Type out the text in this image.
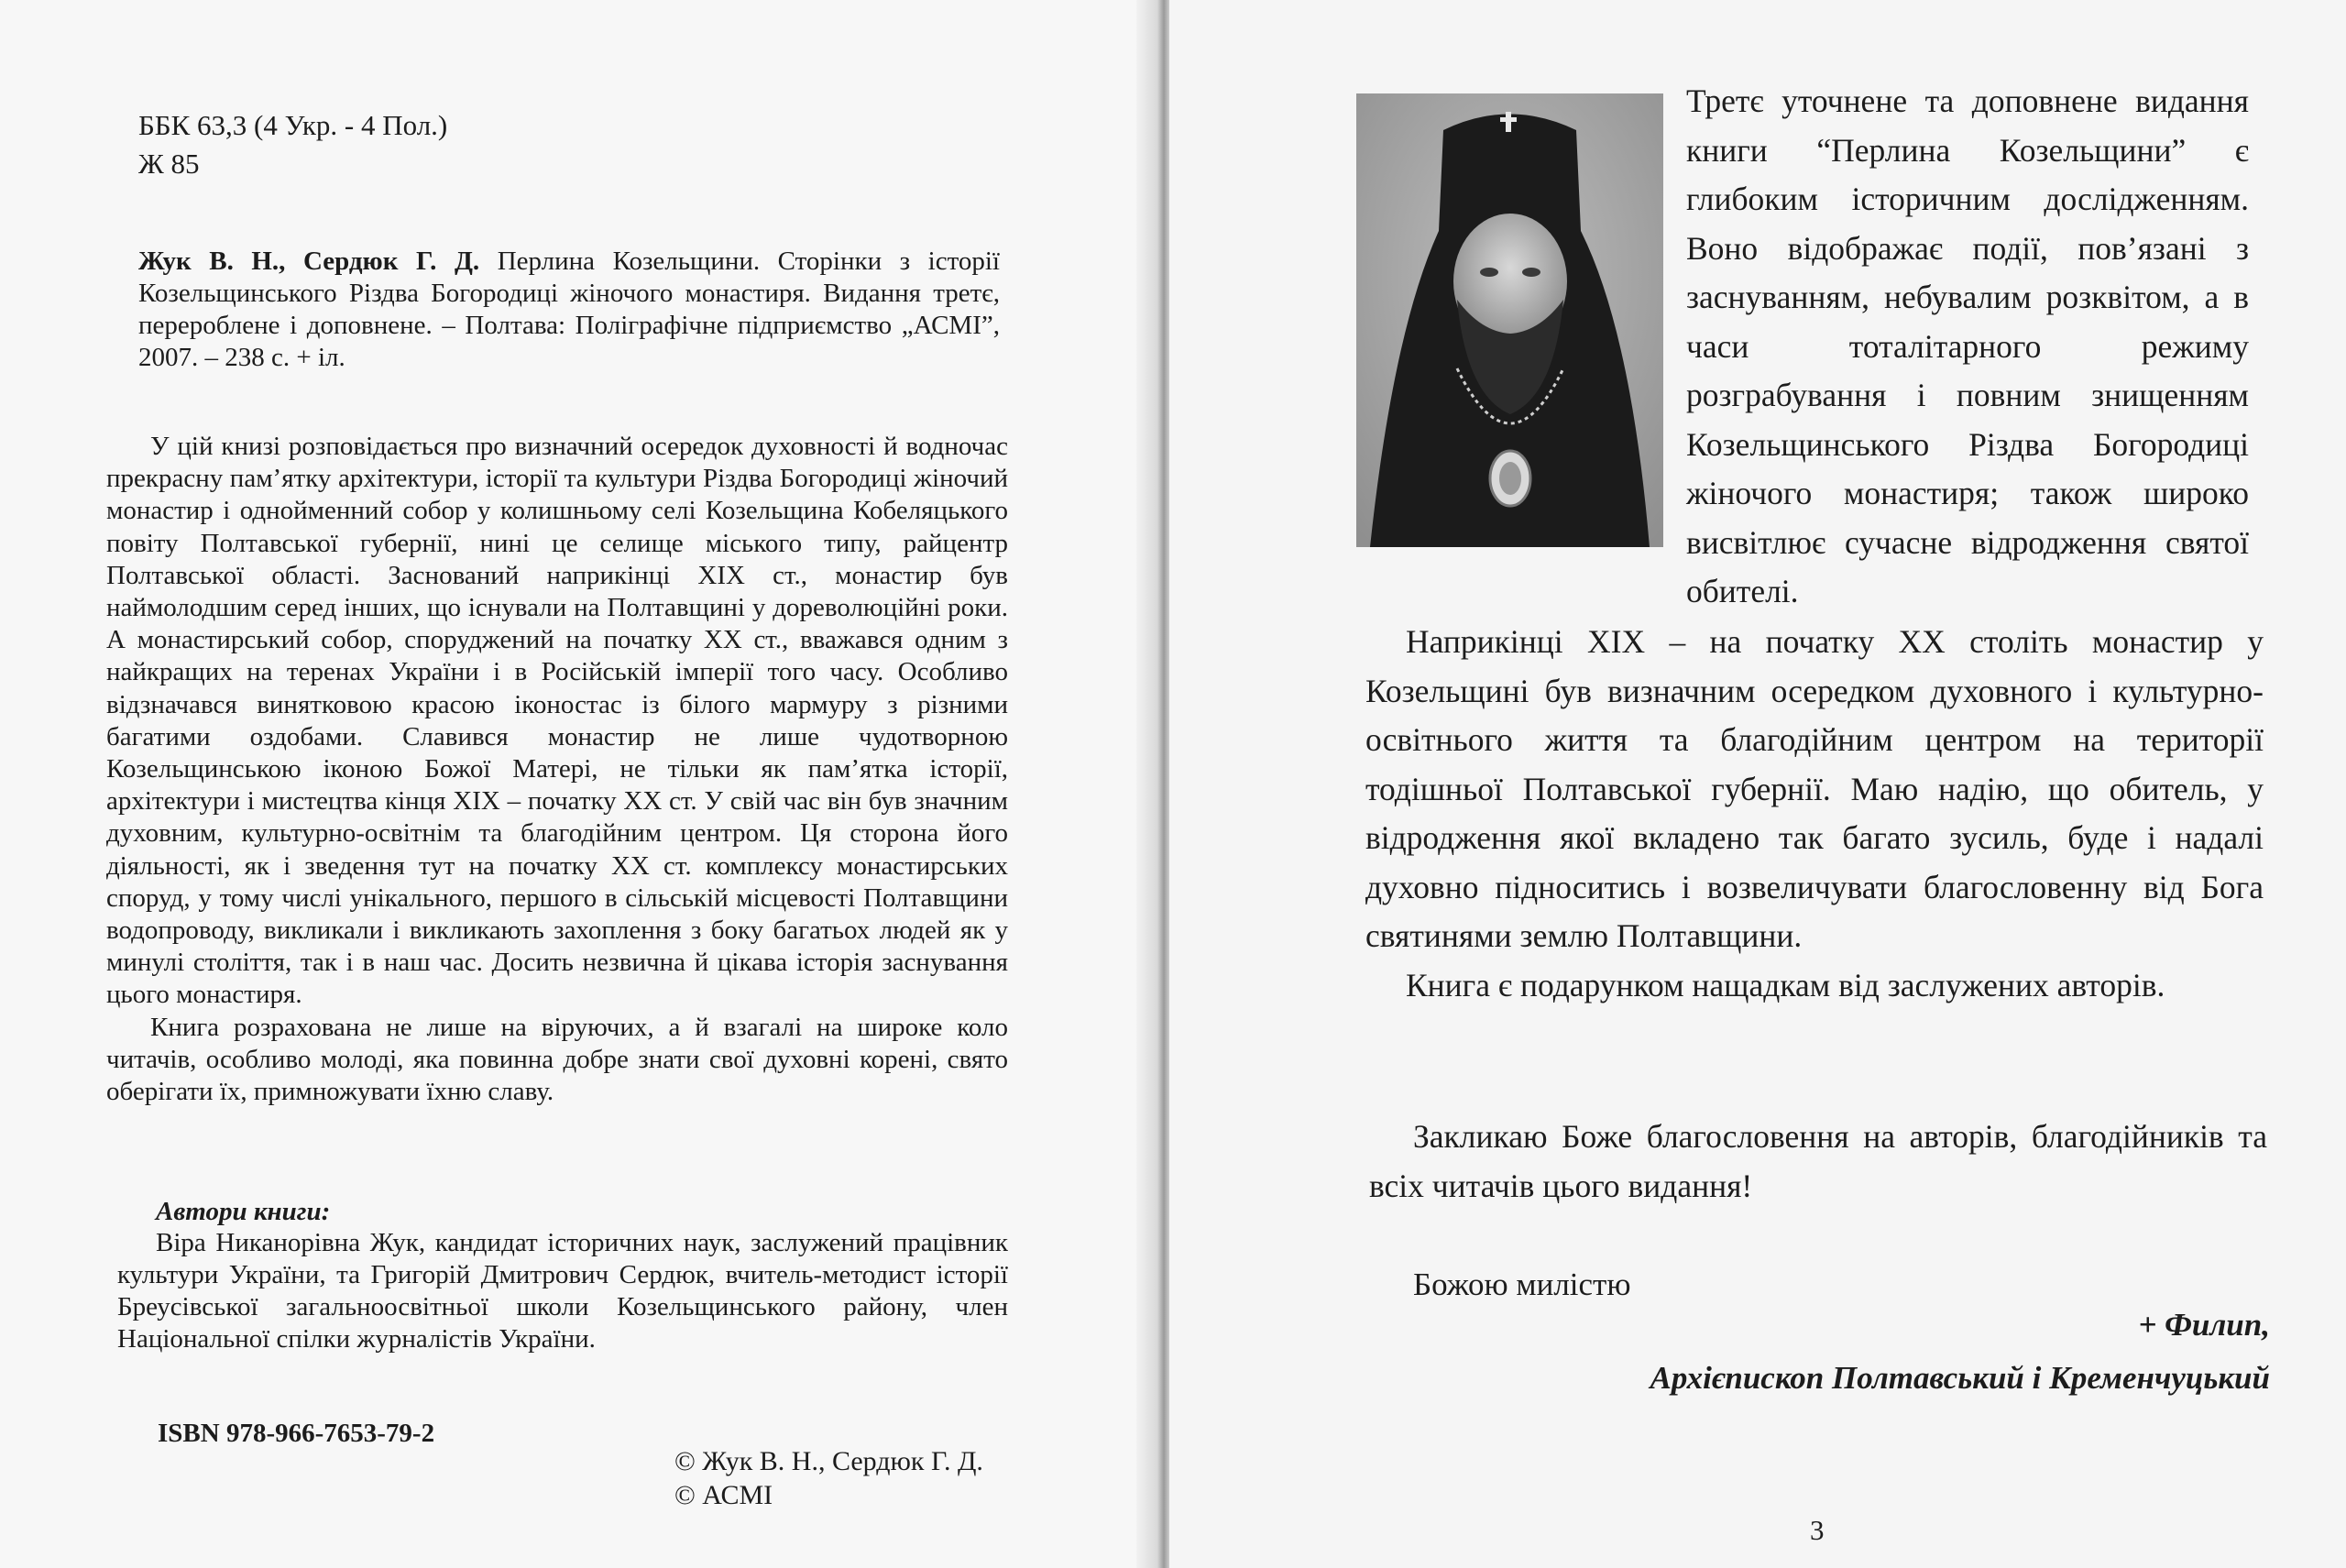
ББК 63,3 (4 Укр. - 4 Пол.)
Ж 85
Жук В. Н., Сердюк Г. Д. Перлина Козельщини. Сторінки з історії Козельщинського Різдва Богородиці жіночого монастиря. Видання третє, перероблене і доповнене. – Полтава: Поліграфічне підприємство „АСМІ”, 2007. – 238 с. + іл.

У цій книзі розповідається про визначний осередок духовності й водночас прекрасну пам’ятку архітектури, історії та культури Різдва Богородиці жіночий монастир і однойменний собор у колишньому селі Козельщина Кобеляцького повіту Полтавської губернії, нині це селище міського типу, райцентр Полтавської області. Заснований наприкінці XIX ст., монастир був наймолодшим серед інших, що існували на Полтавщині у дореволюційні роки. А монастирський собор, споруджений на початку XX ст., вважався одним з найкращих на теренах України і в Російській імперії того часу. Особливо відзначався винятковою красою іконостас із білого мармуру з різними багатими оздобами. Славився монастир не лише чудотворною Козельщинською іконою Божої Матері, не тільки як пам’ятка історії, архітектури і мистецтва кінця XIX – початку XX ст. У свій час він був значним духовним, культурно-освітнім та благодійним центром. Ця сторона його діяльності, як і зведення тут на початку XX ст. комплексу монастирських споруд, у тому числі унікального, першого в сільській місцевості Полтавщини водопроводу, викликали і викликають захоплення з боку багатьох людей як у минулі століття, так і в наш час. Досить незвична й цікава історія заснування цього монастиря.

Книга розрахована не лише на віруючих, а й взагалі на широке коло читачів, особливо молоді, яка повинна добре знати свої духовні корені, свято оберігати їх, примножувати їхню славу.

Автори книги:
Віра Никанорівна Жук, кандидат історичних наук, заслужений працівник культури України, та Григорій Дмитрович Сердюк, вчитель-методист історії Бреусівської загальноосвітньої школи Козельщинського району, член Національної спілки журналістів України.
ISBN 978-966-7653-79-2
© Жук В. Н., Сердюк Г. Д.
© АСМІ

Третє уточнене та доповнене видання книги “Перлина Козельщини” є глибоким історичним дослідженням. Воно відображає події, пов’язані з заснуванням, небувалим розквітом, а в часи тоталітарного режиму розграбування і повним знищенням Козельщинського Різдва Богородиці жіночого монастиря; також широко висвітлює сучасне відродження святої обителі.

Наприкінці XIX – на початку XX століть монастир у Козельщині був визначним осередком духовного і культурно-освітнього життя та благодійним центром на території тодішньої Полтавської губернії. Маю надію, що обитель, у відродження якої вкладено так багато зусиль, буде і надалі духовно підноситись і возвеличувати благословенну від Бога святинями землю Полтавщини.

Книга є подарунком нащадкам від заслужених авторів.

Закликаю Боже благословення на авторів, благодійників та всіх читачів цього видання!
Божою милістю
+ Филип,
Архієпископ Полтавський і Кременчуцький
3
